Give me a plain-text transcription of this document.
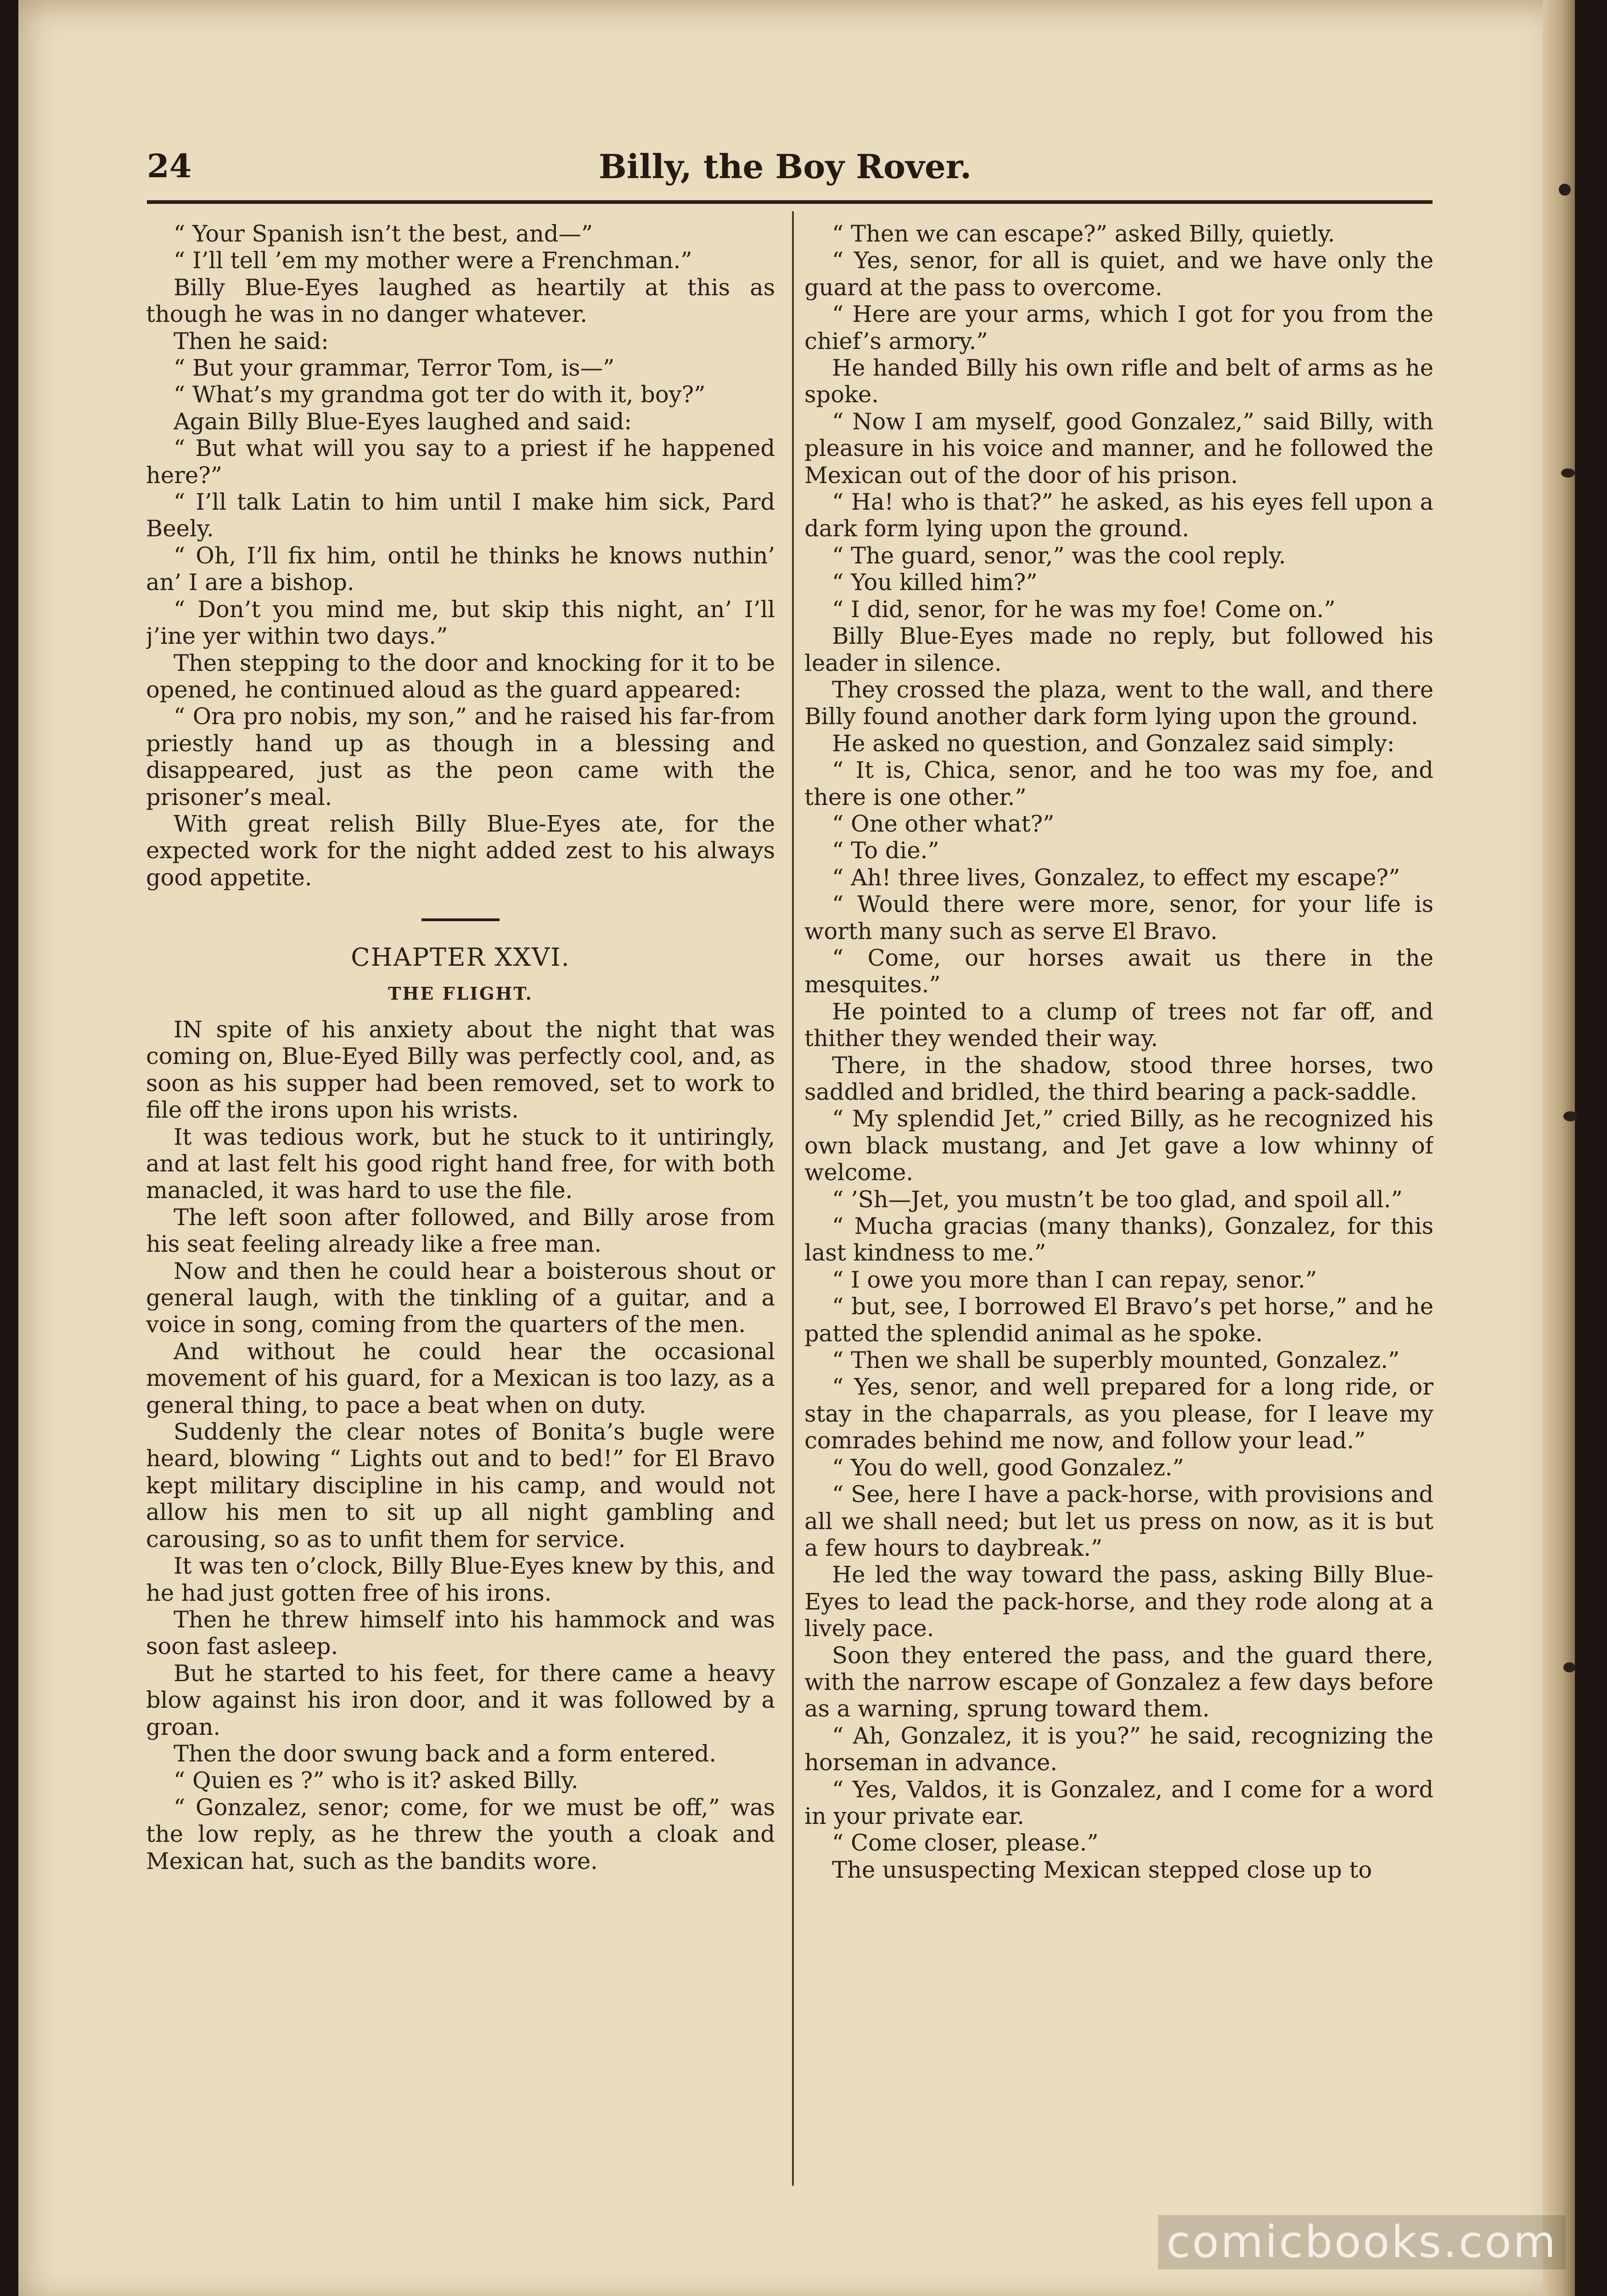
24	Billy, the Boy Rover.

“ Your Spanish isn’t the best, and—”

“ I’ll tell ’em my mother were a Frenchman.”

Billy Blue-Eyes laughed as heartily at this as though he was in no danger whatever.

Then he said:

“ But your grammar, Terror Tom, is—”

“ What’s my grandma got ter do with it, boy?”

Again Billy Blue-Eyes laughed and said:

“ But what will you say to a priest if he happened here?”

“ I’ll talk Latin to him until I make him sick, Pard Beely.

“ Oh, I’ll fix him, ontil he thinks he knows nuthin’ an’ I are a bishop.

“ Don’t you mind me, but skip this night, an’ I’ll j’ine yer within two days.”

Then stepping to the door and knocking for it to be opened, he continued aloud as the guard appeared:

“ Ora pro nobis, my son,” and he raised his far-from priestly hand up as though in a blessing and disappeared, just as the peon came with the prisoner’s meal.

With great relish Billy Blue-Eyes ate, for the expected work for the night added zest to his always good appetite.

CHAPTER XXVI.
THE FLIGHT.

IN spite of his anxiety about the night that was coming on, Blue-Eyed Billy was perfectly cool, and, as soon as his supper had been removed, set to work to file off the irons upon his wrists.

It was tedious work, but he stuck to it untiringly, and at last felt his good right hand free, for with both manacled, it was hard to use the file.

The left soon after followed, and Billy arose from his seat feeling already like a free man.

Now and then he could hear a boisterous shout or general laugh, with the tinkling of a guitar, and a voice in song, coming from the quarters of the men.

And without he could hear the occasional movement of his guard, for a Mexican is too lazy, as a general thing, to pace a beat when on duty.

Suddenly the clear notes of Bonita’s bugle were heard, blowing “ Lights out and to bed!” for El Bravo kept military discipline in his camp, and would not allow his men to sit up all night gambling and carousing, so as to unfit them for service.

It was ten o’clock, Billy Blue-Eyes knew by this, and he had just gotten free of his irons.

Then he threw himself into his hammock and was soon fast asleep.

But he started to his feet, for there came a heavy blow against his iron door, and it was followed by a groan.

Then the door swung back and a form entered.

“ Quien es ?” who is it? asked Billy.

“ Gonzalez, senor; come, for we must be off,” was the low reply, as he threw the youth a cloak and Mexican hat, such as the bandits wore.

“ Then we can escape?” asked Billy, quietly.

“ Yes, senor, for all is quiet, and we have only the guard at the pass to overcome.

“ Here are your arms, which I got for you from the chief’s armory.”

He handed Billy his own rifle and belt of arms as he spoke.

“ Now I am myself, good Gonzalez,” said Billy, with pleasure in his voice and manner, and he followed the Mexican out of the door of his prison.

“ Ha! who is that?” he asked, as his eyes fell upon a dark form lying upon the ground.

“ The guard, senor,” was the cool reply.

“ You killed him?”

“ I did, senor, for he was my foe! Come on.”

Billy Blue-Eyes made no reply, but followed his leader in silence.

They crossed the plaza, went to the wall, and there Billy found another dark form lying upon the ground.

He asked no question, and Gonzalez said simply:

“ It is, Chica, senor, and he too was my foe, and there is one other.”

“ One other what?”

“ To die.”

“ Ah! three lives, Gonzalez, to effect my escape?”

“ Would there were more, senor, for your life is worth many such as serve El Bravo.

“ Come, our horses await us there in the mesquites.”

He pointed to a clump of trees not far off, and thither they wended their way.

There, in the shadow, stood three horses, two saddled and bridled, the third bearing a pack-saddle.

“ My splendid Jet,” cried Billy, as he recognized his own black mustang, and Jet gave a low whinny of welcome.

“ ’Sh—Jet, you mustn’t be too glad, and spoil all.”

“ Mucha gracias (many thanks), Gonzalez, for this last kindness to me.”

“ I owe you more than I can repay, senor.”

“ but, see, I borrowed El Bravo’s pet horse,” and he patted the splendid animal as he spoke.

“ Then we shall be superbly mounted, Gonzalez.”

“ Yes, senor, and well prepared for a long ride, or stay in the chaparrals, as you please, for I leave my comrades behind me now, and follow your lead.”

“ You do well, good Gonzalez.”

“ See, here I have a pack-horse, with provisions and all we shall need; but let us press on now, as it is but a few hours to daybreak.”

He led the way toward the pass, asking Billy Blue-Eyes to lead the pack-horse, and they rode along at a lively pace.

Soon they entered the pass, and the guard there, with the narrow escape of Gonzalez a few days before as a warning, sprung toward them.

“ Ah, Gonzalez, it is you?” he said, recognizing the horseman in advance.

“ Yes, Valdos, it is Gonzalez, and I come for a word in your private ear.

“ Come closer, please.”

The unsuspecting Mexican stepped close up to

comicbooks.com
